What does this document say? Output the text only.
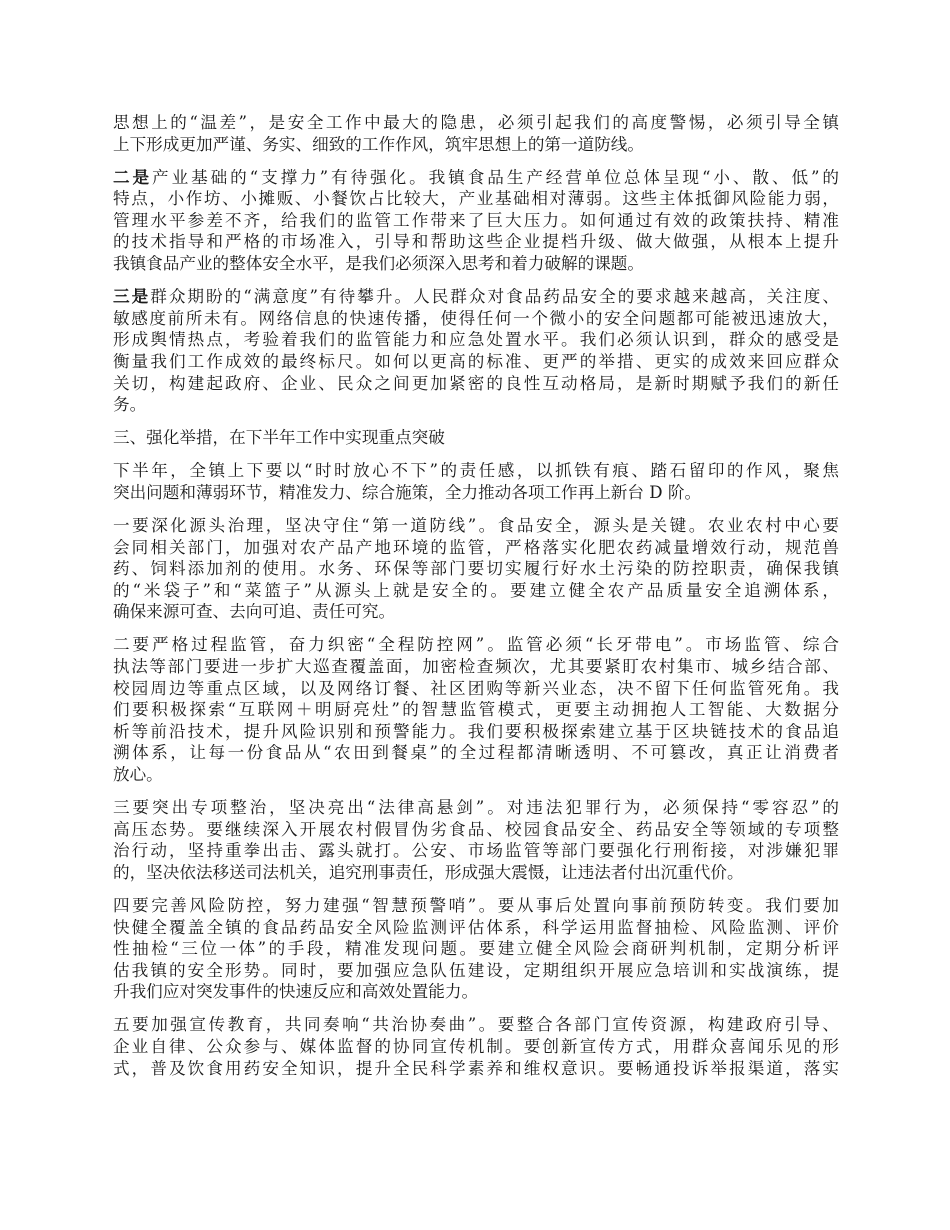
思想上的“温差”，是安全工作中最大的隐患，必须引起我们的高度警惕，必须引导全镇
上下形成更加严谨、务实、细致的工作作风，筑牢思想上的第一道防线。

二是产业基础的“支撑力”有待强化。我镇食品生产经营单位总体呈现“小、散、低”的
特点，小作坊、小摊贩、小餐饮占比较大，产业基础相对薄弱。这些主体抵御风险能力弱，
管理水平参差不齐，给我们的监管工作带来了巨大压力。如何通过有效的政策扶持、精准
的技术指导和严格的市场准入，引导和帮助这些企业提档升级、做大做强，从根本上提升
我镇食品产业的整体安全水平，是我们必须深入思考和着力破解的课题。

三是群众期盼的“满意度”有待攀升。人民群众对食品药品安全的要求越来越高，关注度、
敏感度前所未有。网络信息的快速传播，使得任何一个微小的安全问题都可能被迅速放大，
形成舆情热点，考验着我们的监管能力和应急处置水平。我们必须认识到，群众的感受是
衡量我们工作成效的最终标尺。如何以更高的标准、更严的举措、更实的成效来回应群众
关切，构建起政府、企业、民众之间更加紧密的良性互动格局，是新时期赋予我们的新任
务。

三、强化举措，在下半年工作中实现重点突破

下半年，全镇上下要以“时时放心不下”的责任感，以抓铁有痕、踏石留印的作风，聚焦
突出问题和薄弱环节，精准发力、综合施策，全力推动各项工作再上新台 D 阶。

一要深化源头治理，坚决守住“第一道防线”。食品安全，源头是关键。农业农村中心要
会同相关部门，加强对农产品产地环境的监管，严格落实化肥农药减量增效行动，规范兽
药、饲料添加剂的使用。水务、环保等部门要切实履行好水土污染的防控职责，确保我镇
的“米袋子”和“菜篮子”从源头上就是安全的。要建立健全农产品质量安全追溯体系，
确保来源可查、去向可追、责任可究。

二要严格过程监管，奋力织密“全程防控网”。监管必须“长牙带电”。市场监管、综合
执法等部门要进一步扩大巡查覆盖面，加密检查频次，尤其要紧盯农村集市、城乡结合部、
校园周边等重点区域，以及网络订餐、社区团购等新兴业态，决不留下任何监管死角。我
们要积极探索“互联网＋明厨亮灶”的智慧监管模式，更要主动拥抱人工智能、大数据分
析等前沿技术，提升风险识别和预警能力。我们要积极探索建立基于区块链技术的食品追
溯体系，让每一份食品从“农田到餐桌”的全过程都清晰透明、不可篡改，真正让消费者
放心。

三要突出专项整治，坚决亮出“法律高悬剑”。对违法犯罪行为，必须保持“零容忍”的
高压态势。要继续深入开展农村假冒伪劣食品、校园食品安全、药品安全等领域的专项整
治行动，坚持重拳出击、露头就打。公安、市场监管等部门要强化行刑衔接，对涉嫌犯罪
的，坚决依法移送司法机关，追究刑事责任，形成强大震慑，让违法者付出沉重代价。

四要完善风险防控，努力建强“智慧预警哨”。要从事后处置向事前预防转变。我们要加
快健全覆盖全镇的食品药品安全风险监测评估体系，科学运用监督抽检、风险监测、评价
性抽检“三位一体”的手段，精准发现问题。要建立健全风险会商研判机制，定期分析评
估我镇的安全形势。同时，要加强应急队伍建设，定期组织开展应急培训和实战演练，提
升我们应对突发事件的快速反应和高效处置能力。

五要加强宣传教育，共同奏响“共治协奏曲”。要整合各部门宣传资源，构建政府引导、
企业自律、公众参与、媒体监督的协同宣传机制。要创新宣传方式，用群众喜闻乐见的形
式，普及饮食用药安全知识，提升全民科学素养和维权意识。要畅通投诉举报渠道，落实
